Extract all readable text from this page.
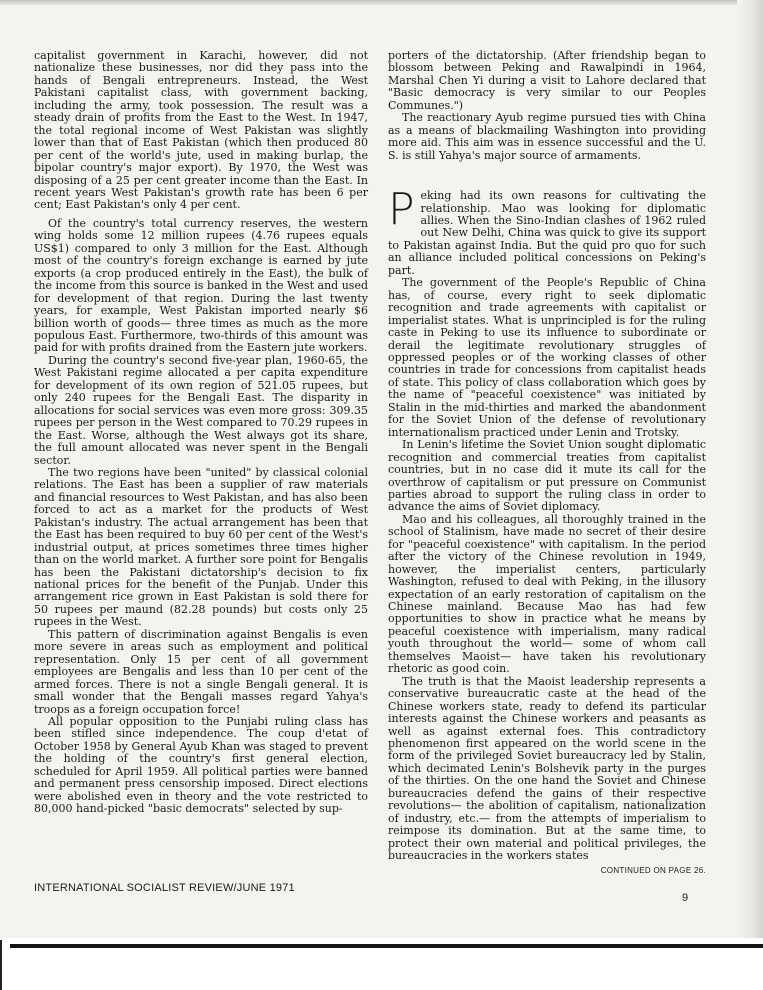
capitalist government in Karachi, however, did not nationalize these businesses, nor did they pass into the hands of Bengali entrepreneurs. Instead, the West Pakistani capitalist class, with government backing, including the army, took possession. The result was a steady drain of profits from the East to the West. In 1947, the total regional income of West Pakistan was slightly lower than that of East Pakistan (which then produced 80 per cent of the world's jute, used in making burlap, the bipolar country's major export). By 1970, the West was disposing of a 25 per cent greater income than the East. In recent years West Pakistan's growth rate has been 6 per cent; East Pakistan's only 4 per cent.

Of the country's total currency reserves, the western wing holds some 12 million rupees (4.76 rupees equals US$1) compared to only 3 million for the East. Although most of the country's foreign exchange is earned by jute exports (a crop produced entirely in the East), the bulk of the income from this source is banked in the West and used for development of that region. During the last twenty years, for example, West Pakistan imported nearly $6 billion worth of goods— three times as much as the more populous East. Furthermore, two-thirds of this amount was paid for with profits drained from the Eastern jute workers.

During the country's second five-year plan, 1960-65, the West Pakistani regime allocated a per capita expenditure for development of its own region of 521.05 rupees, but only 240 rupees for the Bengali East. The disparity in allocations for social services was even more gross: 309.35 rupees per person in the West compared to 70.29 rupees in the East. Worse, although the West always got its share, the full amount allocated was never spent in the Bengali sector.

The two regions have been "united" by classical colonial relations. The East has been a supplier of raw materials and financial resources to West Pakistan, and has also been forced to act as a market for the products of West Pakistan's industry. The actual arrangement has been that the East has been required to buy 60 per cent of the West's industrial output, at prices sometimes three times higher than on the world market. A further sore point for Bengalis has been the Pakistani dictatorship's decision to fix national prices for the benefit of the Punjab. Under this arrangement rice grown in East Pakistan is sold there for 50 rupees per maund (82.28 pounds) but costs only 25 rupees in the West.

This pattern of discrimination against Bengalis is even more severe in areas such as employment and political representation. Only 15 per cent of all government employees are Bengalis and less than 10 per cent of the armed forces. There is not a single Bengali general. It is small wonder that the Bengali masses regard Yahya's troops as a foreign occupation force!

All popular opposition to the Punjabi ruling class has been stifled since independence. The coup d'etat of October 1958 by General Ayub Khan was staged to prevent the holding of the country's first general election, scheduled for April 1959. All political parties were banned and permanent press censorship imposed. Direct elections were abolished even in theory and the vote restricted to 80,000 hand-picked "basic democrats" selected by sup-

porters of the dictatorship. (After friendship began to blossom between Peking and Rawalpindi in 1964, Marshal Chen Yi during a visit to Lahore declared that "Basic democracy is very similar to our Peoples Communes.")

The reactionary Ayub regime pursued ties with China as a means of blackmailing Washington into providing more aid. This aim was in essence successful and the U. S. is still Yahya's major source of armaments.

Peking had its own reasons for cultivating the relationship. Mao was looking for diplomatic allies. When the Sino-Indian clashes of 1962 ruled out New Delhi, China was quick to give its support to Pakistan against India. But the quid pro quo for such an alliance included political concessions on Peking's part.

The government of the People's Republic of China has, of course, every right to seek diplomatic recognition and trade agreements with capitalist or imperialist states. What is unprincipled is for the ruling caste in Peking to use its influence to subordinate or derail the legitimate revolutionary struggles of oppressed peoples or of the working classes of other countries in trade for concessions from capitalist heads of state. This policy of class collaboration which goes by the name of "peaceful coexistence" was initiated by Stalin in the mid-thirties and marked the abandonment for the Soviet Union of the defense of revolutionary internationalism practiced under Lenin and Trotsky.

In Lenin's lifetime the Soviet Union sought diplomatic recognition and commercial treaties from capitalist countries, but in no case did it mute its call for the overthrow of capitalism or put pressure on Communist parties abroad to support the ruling class in order to advance the aims of Soviet diplomacy.

Mao and his colleagues, all thoroughly trained in the school of Stalinism, have made no secret of their desire for "peaceful coexistence" with capitalism. In the period after the victory of the Chinese revolution in 1949, however, the imperialist centers, particularly Washington, refused to deal with Peking, in the illusory expectation of an early restoration of capitalism on the Chinese mainland. Because Mao has had few opportunities to show in practice what he means by peaceful coexistence with imperialism, many radical youth throughout the world— some of whom call themselves Maoist— have taken his revolutionary rhetoric as good coin.

The truth is that the Maoist leadership represents a conservative bureaucratic caste at the head of the Chinese workers state, ready to defend its particular interests against the Chinese workers and peasants as well as against external foes. This contradictory phenomenon first appeared on the world scene in the form of the privileged Soviet bureaucracy led by Stalin, which decimated Lenin's Bolshevik party in the purges of the thirties. On the one hand the Soviet and Chinese bureaucracies defend the gains of their respective revolutions— the abolition of capitalism, nationalization of industry, etc.— from the attempts of imperialism to reimpose its domination. But at the same time, to protect their own material and political privileges, the bureaucracies in the workers states

CONTINUED ON PAGE 26.
INTERNATIONAL SOCIALIST REVIEW/JUNE 1971
9
